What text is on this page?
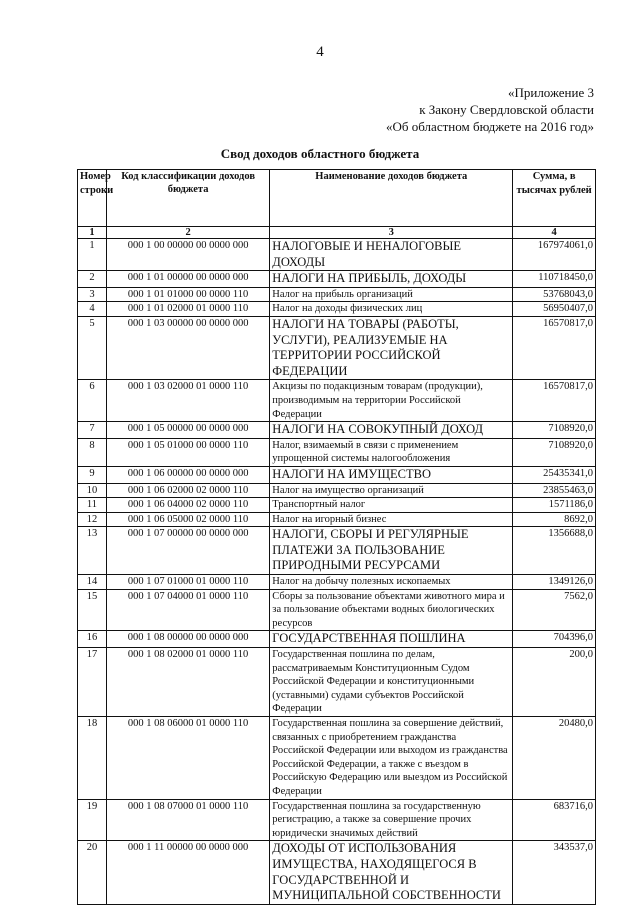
4
«Приложение 3
к Закону Свердловской области
«Об областном бюджете на 2016 год»
Свод доходов областного бюджета
Номер строки	Код классификации доходов бюджета	Наименование доходов бюджета	Сумма, в тысячах рублей
1	2	3	4
1	000 1 00 00000 00 0000 000	НАЛОГОВЫЕ И НЕНАЛОГОВЫЕ ДОХОДЫ	167974061,0
2	000 1 01 00000 00 0000 000	НАЛОГИ НА ПРИБЫЛЬ, ДОХОДЫ	110718450,0
3	000 1 01 01000 00 0000 110	Налог на прибыль организаций	53768043,0
4	000 1 01 02000 01 0000 110	Налог на доходы физических лиц	56950407,0
5	000 1 03 00000 00 0000 000	НАЛОГИ НА ТОВАРЫ (РАБОТЫ, УСЛУГИ), РЕАЛИЗУЕМЫЕ НА ТЕРРИТОРИИ РОССИЙСКОЙ ФЕДЕРАЦИИ	16570817,0
6	000 1 03 02000 01 0000 110	Акцизы по подакцизным товарам (продукции), производимым на территории Российской Федерации	16570817,0
7	000 1 05 00000 00 0000 000	НАЛОГИ НА СОВОКУПНЫЙ ДОХОД	7108920,0
8	000 1 05 01000 00 0000 110	Налог, взимаемый в связи с применением упрощенной системы налогообложения	7108920,0
9	000 1 06 00000 00 0000 000	НАЛОГИ НА ИМУЩЕСТВО	25435341,0
10	000 1 06 02000 02 0000 110	Налог на имущество организаций	23855463,0
11	000 1 06 04000 02 0000 110	Транспортный налог	1571186,0
12	000 1 06 05000 02 0000 110	Налог на игорный бизнес	8692,0
13	000 1 07 00000 00 0000 000	НАЛОГИ, СБОРЫ И РЕГУЛЯРНЫЕ ПЛАТЕЖИ ЗА ПОЛЬЗОВАНИЕ ПРИРОДНЫМИ РЕСУРСАМИ	1356688,0
14	000 1 07 01000 01 0000 110	Налог на добычу полезных ископаемых	1349126,0
15	000 1 07 04000 01 0000 110	Сборы за пользование объектами животного мира и за пользование объектами водных биологических ресурсов	7562,0
16	000 1 08 00000 00 0000 000	ГОСУДАРСТВЕННАЯ ПОШЛИНА	704396,0
17	000 1 08 02000 01 0000 110	Государственная пошлина по делам, рассматриваемым Конституционным Судом Российской Федерации и конституционными (уставными) судами субъектов Российской Федерации	200,0
18	000 1 08 06000 01 0000 110	Государственная пошлина за совершение действий, связанных с приобретением гражданства Российской Федерации или выходом из гражданства Российской Федерации, а также с въездом в Российскую Федерацию или выездом из Российской Федерации	20480,0
19	000 1 08 07000 01 0000 110	Государственная пошлина за государственную регистрацию, а также за совершение прочих юридически значимых действий	683716,0
20	000 1 11 00000 00 0000 000	ДОХОДЫ ОТ ИСПОЛЬЗОВАНИЯ ИМУЩЕСТВА, НАХОДЯЩЕГОСЯ В ГОСУДАРСТВЕННОЙ И МУНИЦИПАЛЬНОЙ СОБСТВЕННОСТИ	343537,0
